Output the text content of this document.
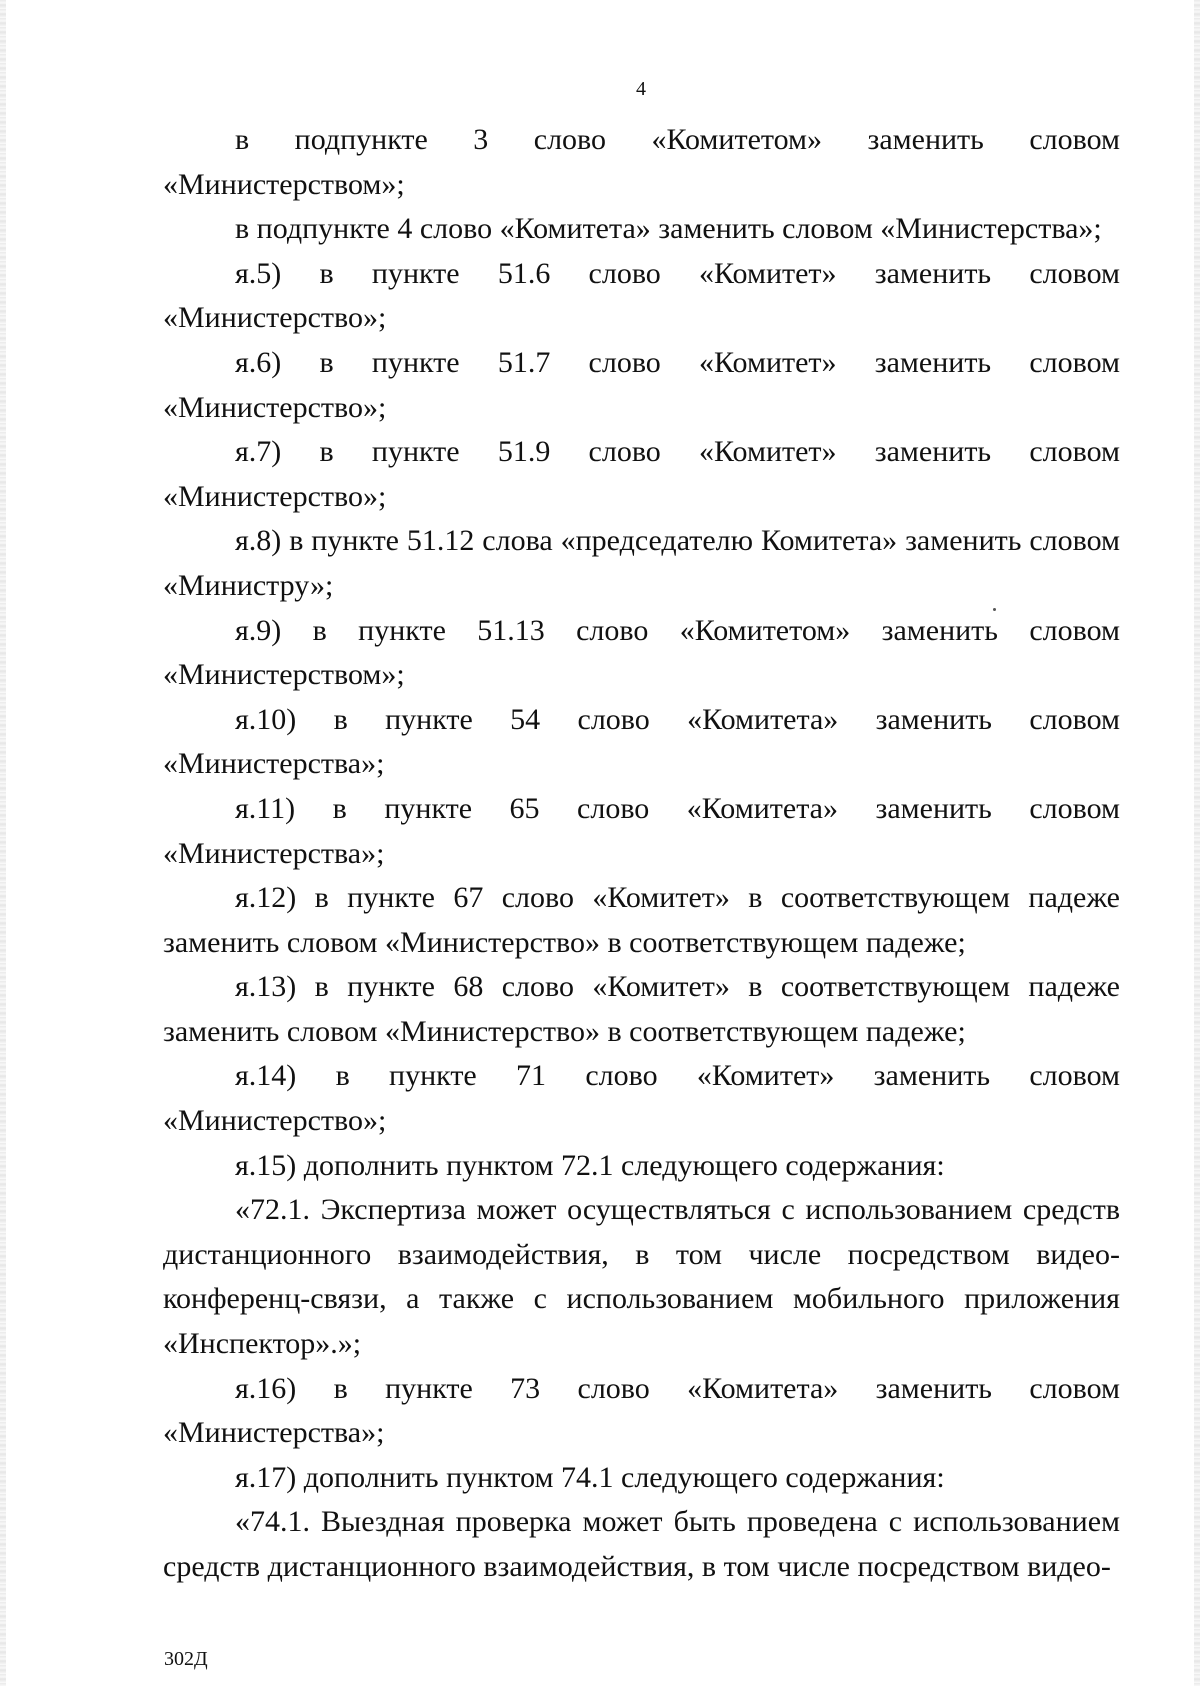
4

в подпункте 3 слово «Комитетом» заменить словом «Министерством»;

в подпункте 4 слово «Комитета» заменить словом «Министерства»;

я.5) в пункте 51.6 слово «Комитет» заменить словом «Министерство»;

я.6) в пункте 51.7 слово «Комитет» заменить словом «Министерство»;

я.7) в пункте 51.9 слово «Комитет» заменить словом «Министерство»;

я.8) в пункте 51.12 слова «председателю Комитета» заменить словом «Министру»;

я.9) в пункте 51.13 слово «Комитетом» заменить словом «Министерством»;

я.10) в пункте 54 слово «Комитета» заменить словом «Министерства»;

я.11) в пункте 65 слово «Комитета» заменить словом «Министерства»;

я.12) в пункте 67 слово «Комитет» в соответствующем падеже заменить словом «Министерство» в соответствующем падеже;

я.13) в пункте 68 слово «Комитет» в соответствующем падеже заменить словом «Министерство» в соответствующем падеже;

я.14) в пункте 71 слово «Комитет» заменить словом «Министерство»;

я.15) дополнить пунктом 72.1 следующего содержания:

«72.1. Экспертиза может осуществляться с использованием средств дистанционного взаимодействия, в том числе посредством видео-конференц-связи, а также с использованием мобильного приложения «Инспектор».»;

я.16) в пункте 73 слово «Комитета» заменить словом «Министерства»;

я.17) дополнить пунктом 74.1 следующего содержания:

«74.1. Выездная проверка может быть проведена с использованием средств дистанционного взаимодействия, в том числе посредством видео-

302Д
